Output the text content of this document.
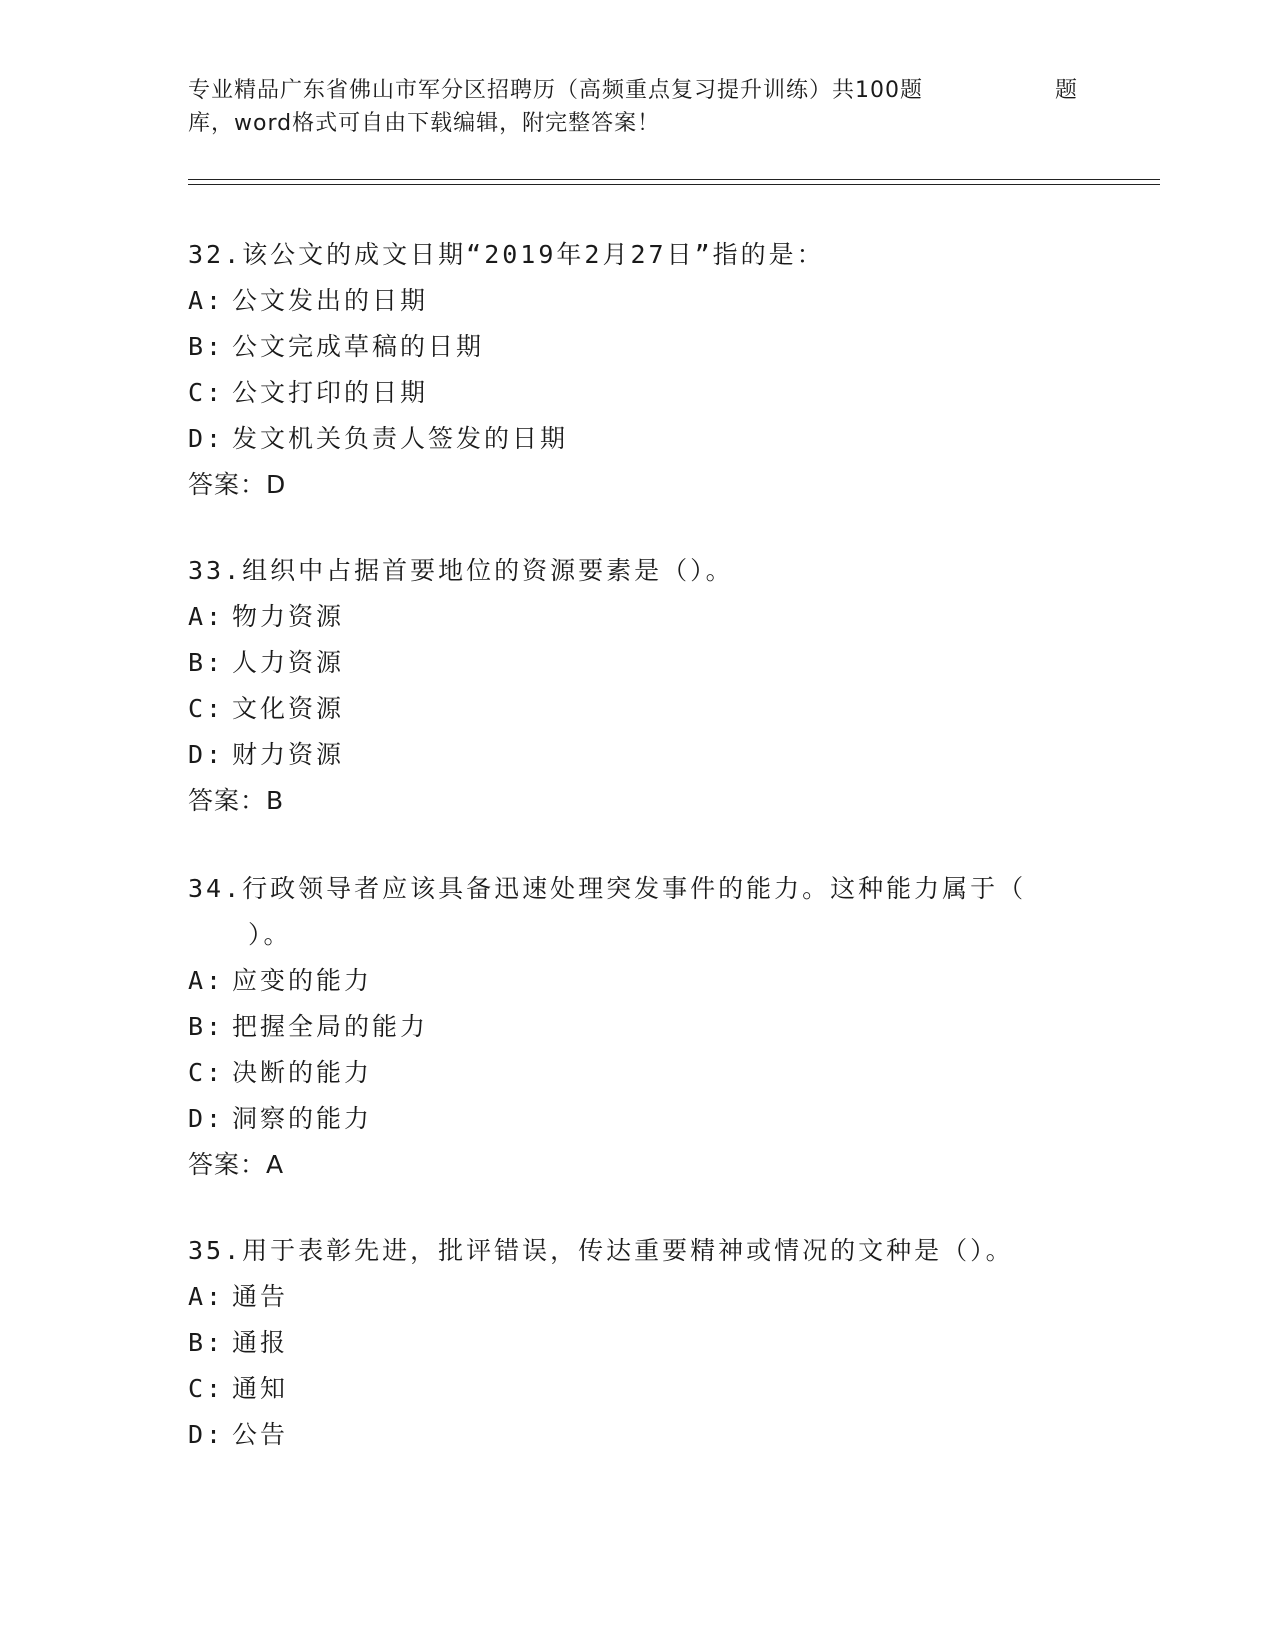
专业精品广东省佛山市军分区招聘历（高频重点复习提升训练）共100题	题
库，word格式可自由下载编辑，附完整答案！
32.该公文的成文日期“2019年2月27日”指的是：
A: 公文发出的日期
B: 公文完成草稿的日期
C: 公文打印的日期
D: 发文机关负责人签发的日期
答案：D
33.组织中占据首要地位的资源要素是（）。
A: 物力资源
B: 人力资源
C: 文化资源
D: 财力资源
答案：B
34.行政领导者应该具备迅速处理突发事件的能力。这种能力属于（
）。
A: 应变的能力
B: 把握全局的能力
C: 决断的能力
D: 洞察的能力
答案：A
35.用于表彰先进，批评错误，传达重要精神或情况的文种是（）。
A: 通告
B: 通报
C: 通知
D: 公告
